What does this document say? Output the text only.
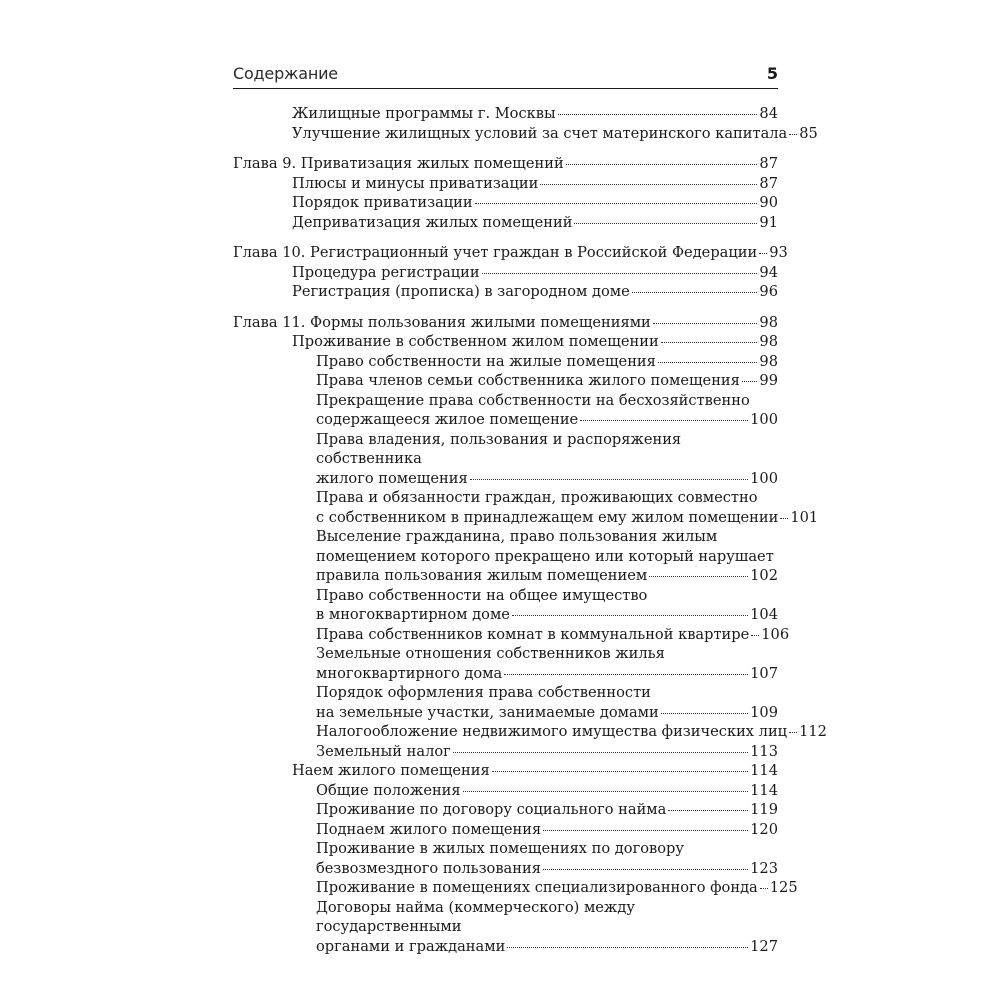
Содержание	5
Жилищные программы г. Москвы	84
Улучшение жилищных условий за счет материнского капитала 85
Глава 9. Приватизация жилых помещений	87
Плюсы и минусы приватизации	87
Порядок приватизации	90
Деприватизация жилых помещений	91
Глава 10. Регистрационный учет граждан в Российской Федерации 93
Процедура регистрации	94
Регистрация (прописка) в загородном доме	96
Глава 11. Формы пользования жилыми помещениями	98
Проживание в собственном жилом помещении	98
Право собственности на жилые помещения	98
Права членов семьи собственника жилого помещения 99
Прекращение права собственности на бесхозяйственно
содержащееся жилое помещение	100
Права владения, пользования и распоряжения собственника
жилого помещения	100
Права и обязанности граждан, проживающих совместно
с собственником в принадлежащем ему жилом помещении 101
Выселение гражданина, право пользования жилым
помещением которого прекращено или который нарушает
правила пользования жилым помещением	102
Право собственности на общее имущество
в многоквартирном доме	104
Права собственников комнат в коммунальной квартире 106
Земельные отношения собственников жилья
многоквартирного дома	107
Порядок оформления права собственности
на земельные участки, занимаемые домами	109
Налогообложение недвижимого имущества физических лиц 112
Земельный налог	113
Наем жилого помещения	114
Общие положения	114
Проживание по договору социального найма	119
Поднаем жилого помещения	120
Проживание в жилых помещениях по договору
безвозмездного пользования	123
Проживание в помещениях специализированного фонда 125
Договоры найма (коммерческого) между государственными
органами и гражданами	127
